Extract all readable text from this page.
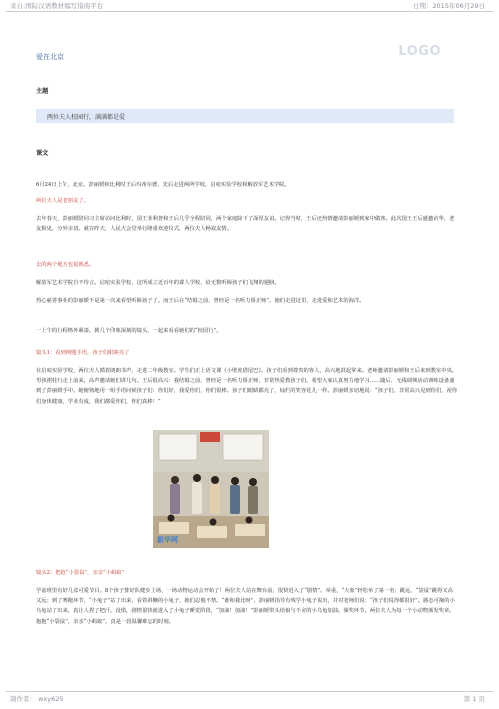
来自:国际汉语教材编写指南平台	日期：2015年06月29日
爱在北京	LOGO
主题
两位夫人校园行，满满都是爱
课文

6月24日上午，北京。彭丽媛和比利时王后玛蒂尔德，先后走进两所学校，启喑实验学校和解放军艺术学院。

两位夫人是老朋友了。

去年春天，彭丽媛陪同习主席访问比利时，国王菲利普和王后几乎全程陪同，两个家庭除下了深厚友谊。记得当时，王后还热情邀请彭丽媛到家中做客。此次国王王后盛邀访华，老友相见，分外亲切。就在昨天，人民大会堂举行隆重欢迎仪式，两位夫人畅叙友情。

去的两个地方也很熟悉。

解放军艺术学院自不待言。启喑实验学校，这所成立近百年的聋人学校，给无数听障孩子们飞翔的翅膀。

热心慈善事业的彭丽媛不是第一次来看望听障孩子了。而王后在“结婚之前，曾经是一名听力矫正师”。她们走进这里，走进爱和艺术的海洋。

一上午的行程格外紧凑。挑几个印象深刻的镜头，一起来看看她们的“校园行”。

镜头1：看到例题手语，孩子们眼睛亮了

在启喑实验学校，两位夫人循着朗朗书声，走进二年级教室。学生们正上语文课《小壁虎借尾巴》。孩子们看到尊贵的客人，高兴地鼓起掌来。老师邀请彭丽媛和王后来到教室中央。男孩裙桂行走上前来，高声邀请她们讲几句。王后很高兴：我结婚之前，曾经是一名听力矫正师，非常热爱教孩子们。希望大家认真努力地学习……随后，无线调频活动训练设备递到了彭丽媛手中。她俯熟地用一组手语问候孩子们：你们好，我爱你们，你们很棒。孩子们眼睛都亮了，灿烂的笑容花儿一样。彭丽媛亲切地说：“孩子们，非常高兴见到你们，祝你们身体健康、学业有成，我们都爱你们，你们真棒！”

新华网

镜头2：把抢“小袋鼠”，亲亲“小蚂蚁”

学前班里有好几盆可爱节目。8个孩子排好队健步上场，一场动物运动会开始了！两位夫人站在舞台前，很快进入了“剧情”。举重，“大象”轻松举了第一名；跳远，“袋鼠”跳得又高又远；到了赛跑环节，“小兔子”站了出来，看着斜懒的小兔子，她们忍俊不禁。“谁和我比呀”，彭丽媛指导有残学小兔子说出，并对老师们说：“孩子们说得都很好”。憨态可掬的小乌龟站了出来，真让人捏了把汗。没错，剧情很快就进入了小兔子睡觉阶段，“加油！加油！”彭丽媛带头给狼与不舍的小乌龟加油。颁奖环节，两位夫人为每一个小动物颁发奖章。抱抱“小袋鼠”，亲亲“小蚂蚁”，真是一段温馨难忘的时刻。

制作者： wxy625	第 1 页
